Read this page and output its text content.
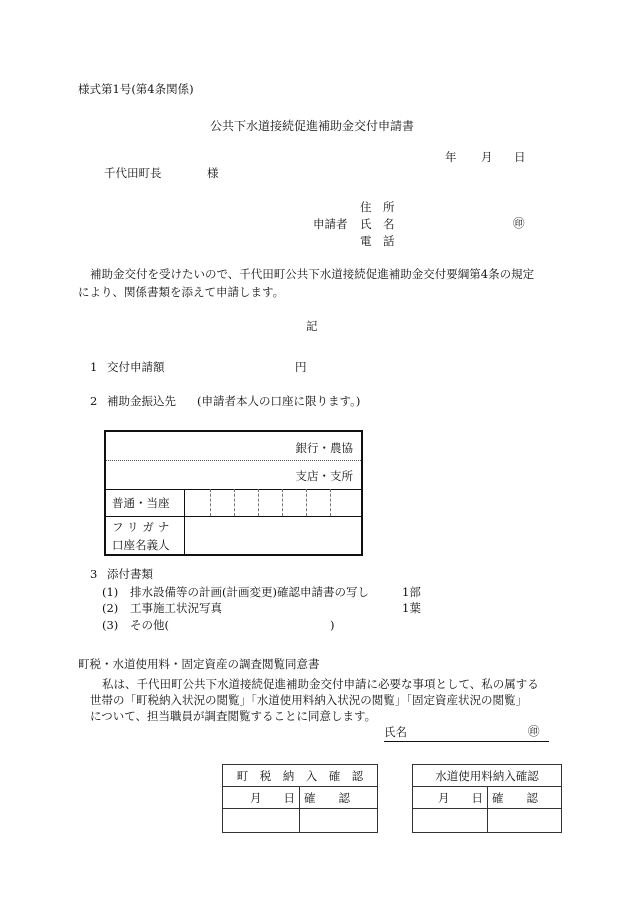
様式第1号(第4条関係)
公共下水道接続促進補助金交付申請書
年 月 日
千代田町長	様
住　所
申請者 氏　名	㊞
電　話
補助金交付を受けたいので、千代田町公共下水道接続促進補助金交付要綱第4条の規定
により、関係書類を添えて申請します。
記
1 交付申請額	円
2 補助金振込先 (申請者本人の口座に限ります。)
銀行・農協
支店・支所
普通・当座
フリガナ
口座名義人
3 添付書類
(1) 排水設備等の計画(計画変更)確認申請書の写し	1部
(2) 工事施工状況写真	1葉
(3) その他(	)
町税・水道使用料・固定資産の調査閲覧同意書
私は、千代田町公共下水道接続促進補助金交付申請に必要な事項として、私の属する
世帯の「町税納入状況の閲覧」「水道使用料納入状況の閲覧」「固定資産状況の閲覧」
について、担当職員が調査閲覧することに同意します。
氏名	㊞
町　税　納　入　確　認	
月 日	確　　認

水道使用料納入確認	
月 日	確　　認
